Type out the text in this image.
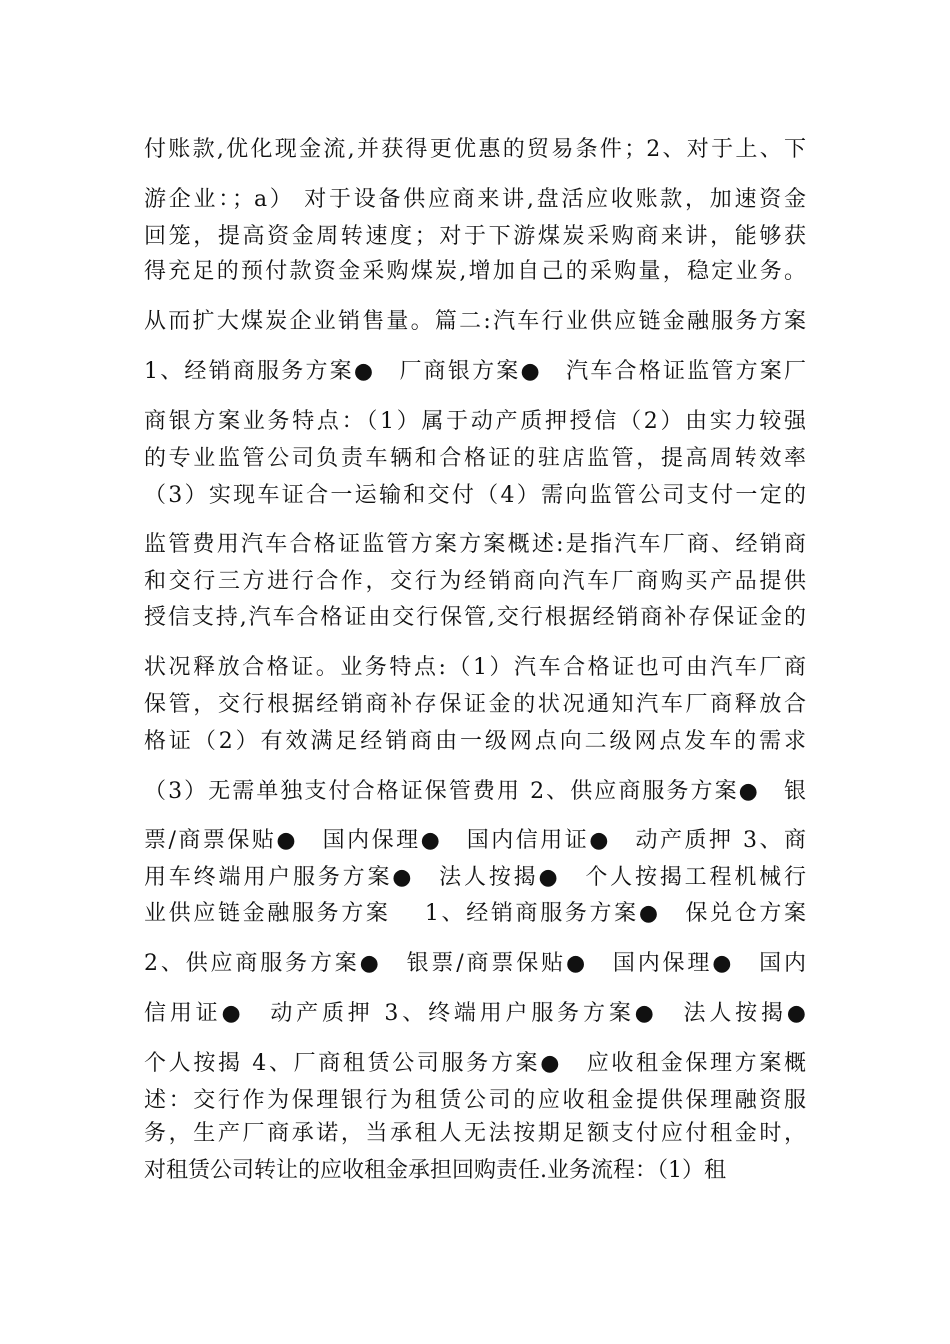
付账款,优化现金流,并获得更优惠的贸易条件；2、对于上、下
游企业：；a） 对于设备供应商来讲,盘活应收账款，加速资金
回笼，提高资金周转速度；对于下游煤炭采购商来讲，能够获
得充足的预付款资金采购煤炭,增加自己的采购量，稳定业务。
从而扩大煤炭企业销售量。篇二:汽车行业供应链金融服务方案
1、经销商服务方案●　厂商银方案●　汽车合格证监管方案厂
商银方案业务特点：（1）属于动产质押授信（2）由实力较强
的专业监管公司负责车辆和合格证的驻店监管，提高周转效率
（3）实现车证合一运输和交付（4）需向监管公司支付一定的
监管费用汽车合格证监管方案方案概述:是指汽车厂商、经销商
和交行三方进行合作，交行为经销商向汽车厂商购买产品提供
授信支持,汽车合格证由交行保管,交行根据经销商补存保证金的
状况释放合格证。业务特点:（1）汽车合格证也可由汽车厂商
保管，交行根据经销商补存保证金的状况通知汽车厂商释放合
格证（2）有效满足经销商由一级网点向二级网点发车的需求
（3）无需单独支付合格证保管费用 2、供应商服务方案●　银
票/商票保贴●　国内保理●　国内信用证●　动产质押 3、商
用车终端用户服务方案●　法人按揭●　个人按揭工程机械行
业供应链金融服务方案　 1、经销商服务方案●　保兑仓方案
2、供应商服务方案●　银票/商票保贴●　国内保理●　国内
信用证●　动产质押 3、终端用户服务方案●　法人按揭●
个人按揭 4、厂商租赁公司服务方案●　应收租金保理方案概
述：交行作为保理银行为租赁公司的应收租金提供保理融资服
务，生产厂商承诺，当承租人无法按期足额支付应付租金时，
对租赁公司转让的应收租金承担回购责任.业务流程：（1）租
